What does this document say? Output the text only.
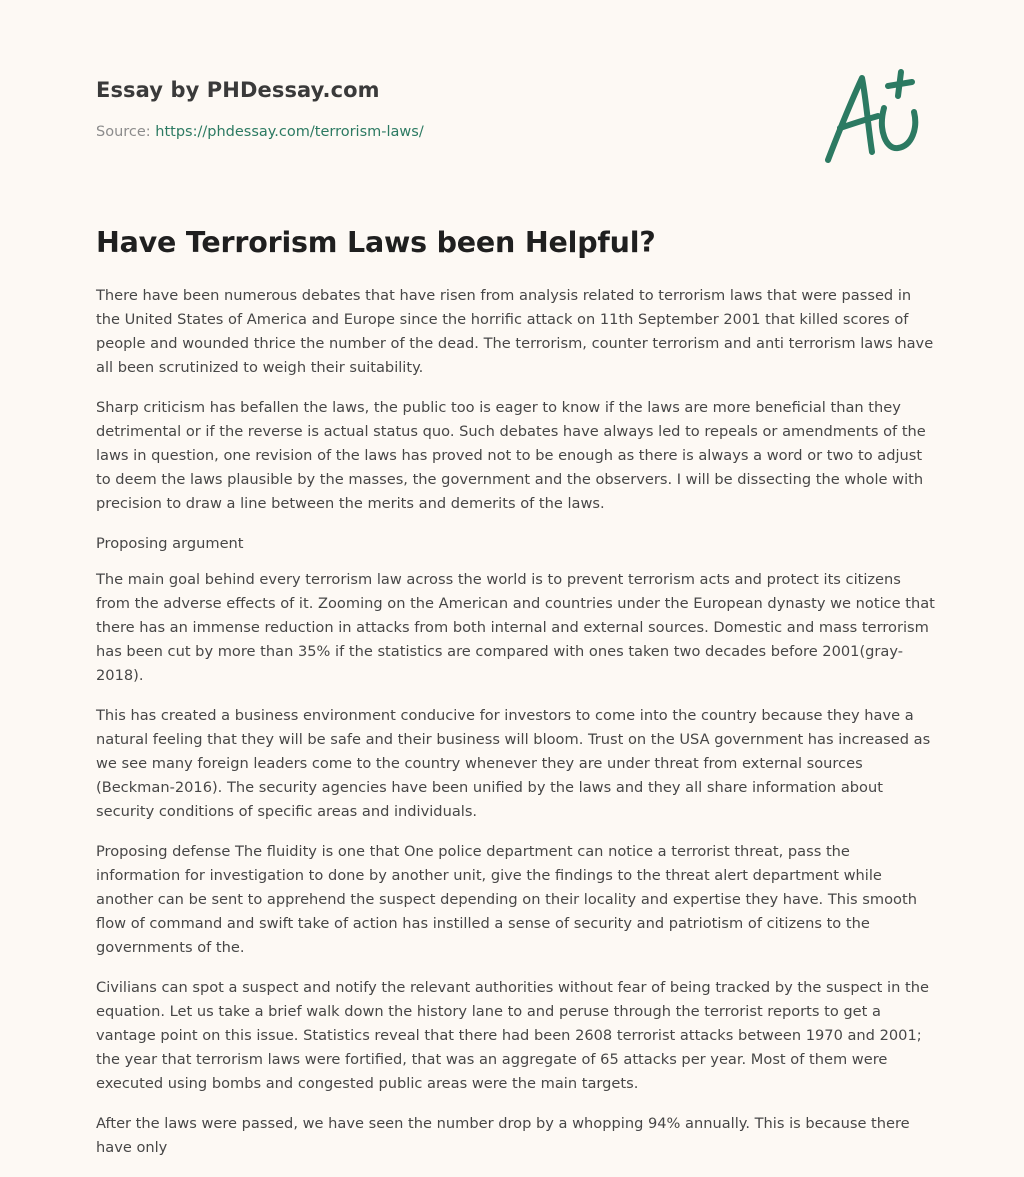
Essay by PHDessay.com
Source: https://phdessay.com/terrorism-laws/
Have Terrorism Laws been Helpful?

There have been numerous debates that have risen from analysis related to terrorism laws that were passed in the United States of America and Europe since the horrific attack on 11th September 2001 that killed scores of people and wounded thrice the number of the dead. The terrorism, counter terrorism and anti terrorism laws have all been scrutinized to weigh their suitability.

Sharp criticism has befallen the laws, the public too is eager to know if the laws are more beneficial than they detrimental or if the reverse is actual status quo. Such debates have always led to repeals or amendments of the laws in question, one revision of the laws has proved not to be enough as there is always a word or two to adjust to deem the laws plausible by the masses, the government and the observers. I will be dissecting the whole with precision to draw a line between the merits and demerits of the laws.

Proposing argument

The main goal behind every terrorism law across the world is to prevent terrorism acts and protect its citizens from the adverse effects of it. Zooming on the American and countries under the European dynasty we notice that there has an immense reduction in attacks from both internal and external sources. Domestic and mass terrorism has been cut by more than 35% if the statistics are compared with ones taken two decades before 2001(gray-2018).

This has created a business environment conducive for investors to come into the country because they have a natural feeling that they will be safe and their business will bloom. Trust on the USA government has increased as we see many foreign leaders come to the country whenever they are under threat from external sources (Beckman-2016). The security agencies have been unified by the laws and they all share information about security conditions of specific areas and individuals.

Proposing defense The fluidity is one that One police department can notice a terrorist threat, pass the information for investigation to done by another unit, give the findings to the threat alert department while another can be sent to apprehend the suspect depending on their locality and expertise they have. This smooth flow of command and swift take of action has instilled a sense of security and patriotism of citizens to the governments of the.

Civilians can spot a suspect and notify the relevant authorities without fear of being tracked by the suspect in the equation. Let us take a brief walk down the history lane to and peruse through the terrorist reports to get a vantage point on this issue. Statistics reveal that there had been 2608 terrorist attacks between 1970 and 2001; the year that terrorism laws were fortified, that was an aggregate of 65 attacks per year. Most of them were executed using bombs and congested public areas were the main targets.

After the laws were passed, we have seen the number drop by a whopping 94% annually. This is because there have only
